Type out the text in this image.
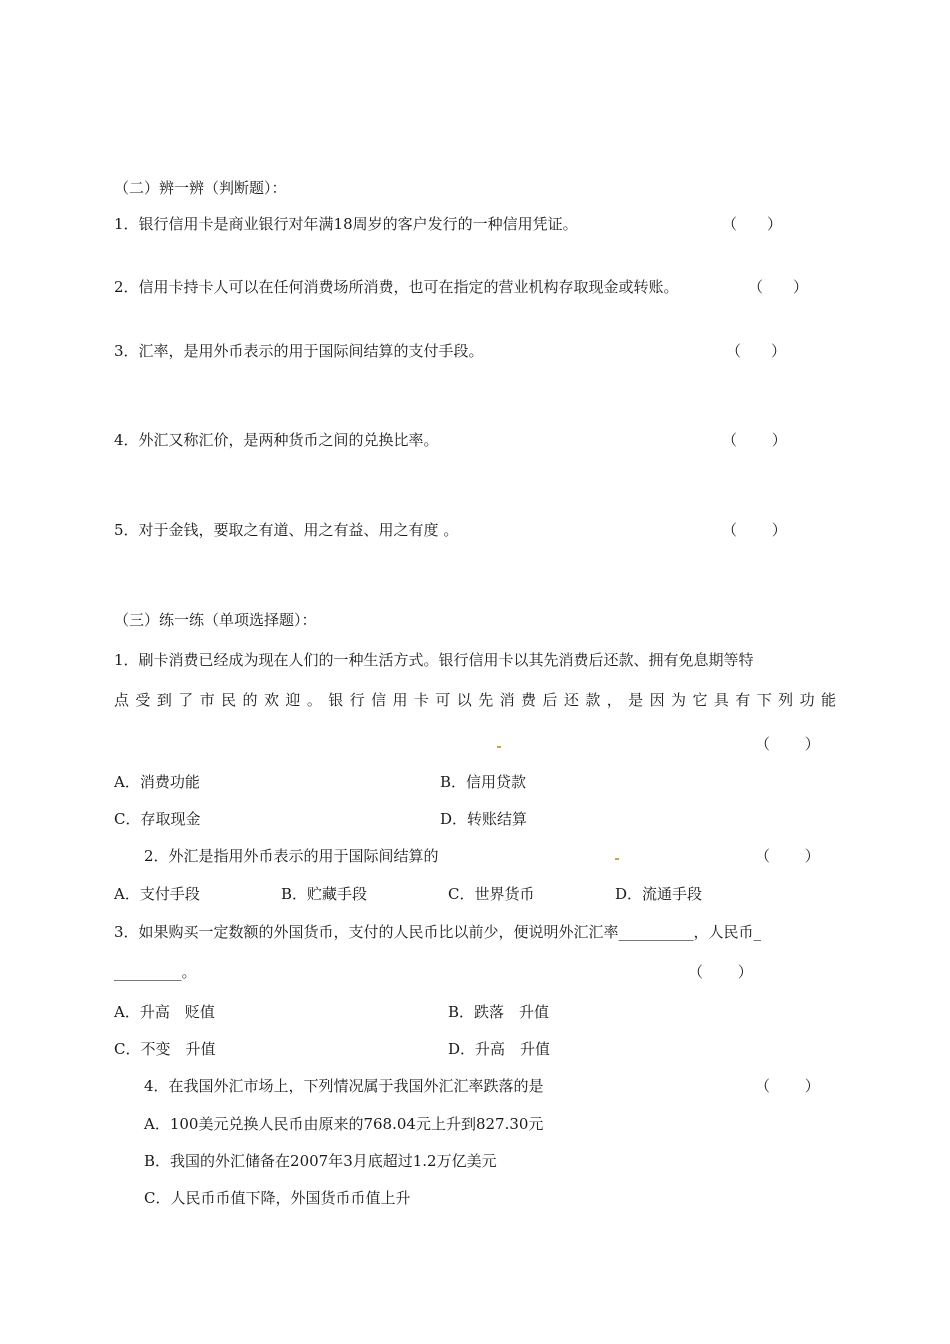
（二）辨一辨（判断题）：
1．银行信用卡是商业银行对年满18周岁的客户发行的一种信用凭证。	（　　）
2．信用卡持卡人可以在任何消费场所消费，也可在指定的营业机构存取现金或转账。	（　　）
3．汇率，是用外币表示的用于国际间结算的支付手段。	（　　）
4．外汇又称汇价，是两种货币之间的兑换比率。	（　　 ）
5．对于金钱，要取之有道、用之有益、用之有度 。	（　　 ）
（三）练一练（单项选择题）：
1．刷卡消费已经成为现在人们的一种生活方式。银行信用卡以其先消费后还款、拥有免息期等特
点受到了市民的欢迎。银行信用卡可以先消费后还款，是因为它具有下列功能
（　　 ）
A．消费功能	B．信用贷款
C．存取现金	D．转账结算
2．外汇是指用外币表示的用于国际间结算的	（　　 ）
A．支付手段	B．贮藏手段	C．世界货币	D．流通手段
3．如果购买一定数额的外国货币，支付的人民币比以前少，便说明外汇汇率__________，人民币_
_________。	（　　 ）
A．升高　贬值	B．跌落　升值
C．不变　升值	D．升高　升值
4．在我国外汇市场上，下列情况属于我国外汇汇率跌落的是	（　　 ）
A．100美元兑换人民币由原来的768.04元上升到827.30元
B．我国的外汇储备在2007年3月底超过1.2万亿美元
C．人民币币值下降，外国货币币值上升
